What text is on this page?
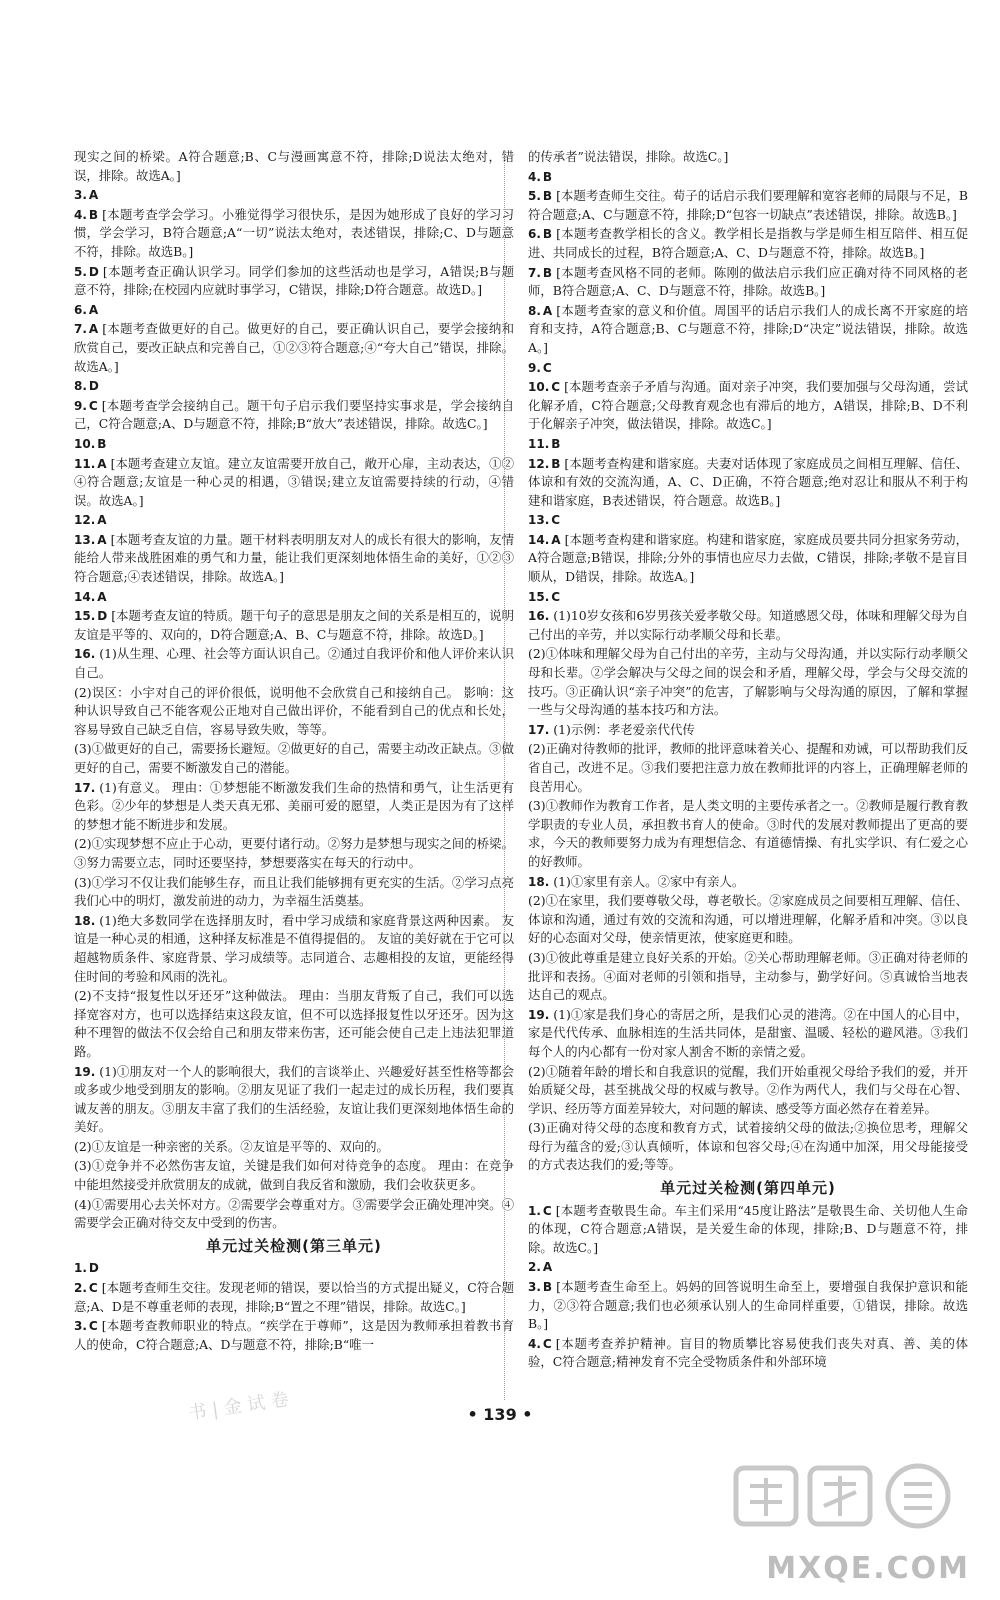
现实之间的桥梁。A符合题意;B、C与漫画寓意不符，排除;D说法太绝对，错误，排除。故选A。]
3. A
4. B [本题考查学会学习。小雅觉得学习很快乐，是因为她形成了良好的学习习惯，学会学习，B符合题意;A“一切”说法太绝对，表述错误，排除;C、D与题意不符，排除。故选B。]
5. D [本题考查正确认识学习。同学们参加的这些活动也是学习，A错误;B与题意不符，排除;在校园内应就时事学习，C错误，排除;D符合题意。故选D。]
6. A
7. A [本题考查做更好的自己。做更好的自己，要正确认识自己，要学会接纳和欣赏自己，要改正缺点和完善自己，①②③符合题意;④“夸大自己”错误，排除。故选A。]
8. D
9. C [本题考查学会接纳自己。题干句子启示我们要坚持实事求是，学会接纳自己，C符合题意;A、D与题意不符，排除;B“放大”表述错误，排除。故选C。]
10. B
11. A [本题考查建立友谊。建立友谊需要开放自己，敞开心扉，主动表达，①②④符合题意;友谊是一种心灵的相遇，③错误;建立友谊需要持续的行动，④错误。故选A。]
12. A
13. A [本题考查友谊的力量。题干材料表明朋友对人的成长有很大的影响，友情能给人带来战胜困难的勇气和力量，能让我们更深刻地体悟生命的美好，①②③符合题意;④表述错误，排除。故选A。]
14. A
15. D [本题考查友谊的特质。题干句子的意思是朋友之间的关系是相互的，说明友谊是平等的、双向的，D符合题意;A、B、C与题意不符，排除。故选D。]
16. (1)从生理、心理、社会等方面认识自己。②通过自我评价和他人评价来认识自己。
(2)误区：小宇对自己的评价很低，说明他不会欣赏自己和接纳自己。 影响：这种认识导致自己不能客观公正地对自己做出评价，不能看到自己的优点和长处，容易导致自己缺乏自信，容易导致失败，等等。
(3)①做更好的自己，需要扬长避短。②做更好的自己，需要主动改正缺点。③做更好的自己，需要不断激发自己的潜能。
17. (1)有意义。 理由：①梦想能不断激发我们生命的热情和勇气，让生活更有色彩。②少年的梦想是人类天真无邪、美丽可爱的愿望，人类正是因为有了这样的梦想才能不断进步和发展。
(2)①实现梦想不应止于心动，更要付诸行动。②努力是梦想与现实之间的桥梁。③努力需要立志，同时还要坚持，梦想要落实在每天的行动中。
(3)①学习不仅让我们能够生存，而且让我们能够拥有更充实的生活。②学习点亮我们心中的明灯，激发前进的动力，为幸福生活奠基。
18. (1)绝大多数同学在选择朋友时，看中学习成绩和家庭背景这两种因素。 友谊是一种心灵的相通，这种择友标准是不值得提倡的。 友谊的美好就在于它可以超越物质条件、家庭背景、学习成绩等。志同道合、志趣相投的友谊，更能经得住时间的考验和风雨的洗礼。
(2)不支持“报复性以牙还牙”这种做法。 理由：当朋友背叛了自己，我们可以选择宽容对方，也可以选择结束这段友谊，但不可以选择报复性以牙还牙。因为这种不理智的做法不仅会给自己和朋友带来伤害，还可能会使自己走上违法犯罪道路。
19. (1)①朋友对一个人的影响很大，我们的言谈举止、兴趣爱好甚至性格等都会或多或少地受到朋友的影响。②朋友见证了我们一起走过的成长历程，我们要真诚友善的朋友。③朋友丰富了我们的生活经验，友谊让我们更深刻地体悟生命的美好。
(2)①友谊是一种亲密的关系。②友谊是平等的、双向的。
(3)①竞争并不必然伤害友谊，关键是我们如何对待竞争的态度。 理由：在竞争中能坦然接受并欣赏朋友的成就，做到自我反省和激励，我们会收获更多。
(4)①需要用心去关怀对方。②需要学会尊重对方。③需要学会正确处理冲突。④需要学会正确对待交友中受到的伤害。
单元过关检测(第三单元)
1. D
2. C [本题考查师生交往。发现老师的错误，要以恰当的方式提出疑义，C符合题意;A、D是不尊重老师的表现，排除;B“置之不理”错误，排除。故选C。]
3. C [本题考查教师职业的特点。“疾学在于尊师”，这是因为教师承担着教书育人的使命，C符合题意;A、D与题意不符，排除;B“唯一
的传承者”说法错误，排除。故选C。]
4. B
5. B [本题考查师生交往。荀子的话启示我们要理解和宽容老师的局限与不足，B符合题意;A、C与题意不符，排除;D“包容一切缺点”表述错误，排除。故选B。]
6. B [本题考查教学相长的含义。教学相长是指教与学是师生相互陪伴、相互促进、共同成长的过程，B符合题意;A、C、D与题意不符，排除。故选B。]
7. B [本题考查风格不同的老师。陈刚的做法启示我们应正确对待不同风格的老师，B符合题意;A、C、D与题意不符，排除。故选B。]
8. A [本题考查家的意义和价值。周国平的话启示我们人的成长离不开家庭的培育和支持，A符合题意;B、C与题意不符，排除;D“决定”说法错误，排除。故选A。]
9. C
10. C [本题考查亲子矛盾与沟通。面对亲子冲突，我们要加强与父母沟通，尝试化解矛盾，C符合题意;父母教育观念也有滞后的地方，A错误，排除;B、D不利于化解亲子冲突，做法错误，排除。故选C。]
11. B
12. B [本题考查构建和谐家庭。夫妻对话体现了家庭成员之间相互理解、信任、体谅和有效的交流沟通，A、C、D正确，不符合题意;绝对忍让和服从不利于构建和谐家庭，B表述错误，符合题意。故选B。]
13. C
14. A [本题考查构建和谐家庭。构建和谐家庭，家庭成员要共同分担家务劳动，A符合题意;B错误，排除;分外的事情也应尽力去做，C错误，排除;孝敬不是盲目顺从，D错误，排除。故选A。]
15. C
16. (1)10岁女孩和6岁男孩关爱孝敬父母。知道感恩父母，体味和理解父母为自己付出的辛劳，并以实际行动孝顺父母和长辈。
(2)①体味和理解父母为自己付出的辛劳，主动与父母沟通，并以实际行动孝顺父母和长辈。②学会解决与父母之间的误会和矛盾，理解父母，学会与父母交流的技巧。③正确认识“亲子冲突”的危害，了解影响与父母沟通的原因，了解和掌握一些与父母沟通的基本技巧和方法。
17. (1)示例：孝老爱亲代代传
(2)正确对待教师的批评，教师的批评意味着关心、提醒和劝诫，可以帮助我们反省自己，改进不足。③我们要把注意力放在教师批评的内容上，正确理解老师的良苦用心。
(3)①教师作为教育工作者，是人类文明的主要传承者之一。②教师是履行教育教学职责的专业人员，承担教书育人的使命。③时代的发展对教师提出了更高的要求，今天的教师要努力成为有理想信念、有道德情操、有扎实学识、有仁爱之心的好教师。
18. (1)①家里有亲人。②家中有亲人。
(2)①在家里，我们要尊敬父母，尊老敬长。②家庭成员之间要相互理解、信任、体谅和沟通，通过有效的交流和沟通，可以增进理解，化解矛盾和冲突。③以良好的心态面对父母，使亲情更浓，使家庭更和睦。
(3)①彼此尊重是建立良好关系的开始。②关心帮助理解老师。③正确对待老师的批评和表扬。④面对老师的引领和指导，主动参与，勤学好问。⑤真诚恰当地表达自己的观点。
19. (1)①家是我们身心的寄居之所，是我们心灵的港湾。②在中国人的心目中，家是代代传承、血脉相连的生活共同体，是甜蜜、温暖、轻松的避风港。③我们每个人的内心都有一份对家人割舍不断的亲情之爱。
(2)①随着年龄的增长和自我意识的觉醒，我们开始重视父母给予我们的爱，并开始质疑父母，甚至挑战父母的权威与教导。②作为两代人，我们与父母在心智、学识、经历等方面差异较大，对问题的解读、感受等方面必然存在着差异。
(3)正确对待父母的态度和教育方式，试着接纳父母的做法;②换位思考，理解父母行为蕴含的爱;③认真倾听，体谅和包容父母;④在沟通中加深，用父母能接受的方式表达我们的爱;等等。
单元过关检测(第四单元)
1. C [本题考查敬畏生命。车主们采用“45度让路法”是敬畏生命、关切他人生命的体现，C符合题意;A错误，是关爱生命的体现，排除;B、D与题意不符，排除。故选C。]
2. A
3. B [本题考查生命至上。妈妈的回答说明生命至上，要增强自我保护意识和能力，②③符合题意;我们也必须承认别人的生命同样重要，①错误，排除。故选B。]
4. C [本题考查养护精神。盲目的物质攀比容易使我们丧失对真、善、美的体验，C符合题意;精神发育不完全受物质条件和外部环境
书 | 金 试 卷	• 139 •
MXQE.COM
